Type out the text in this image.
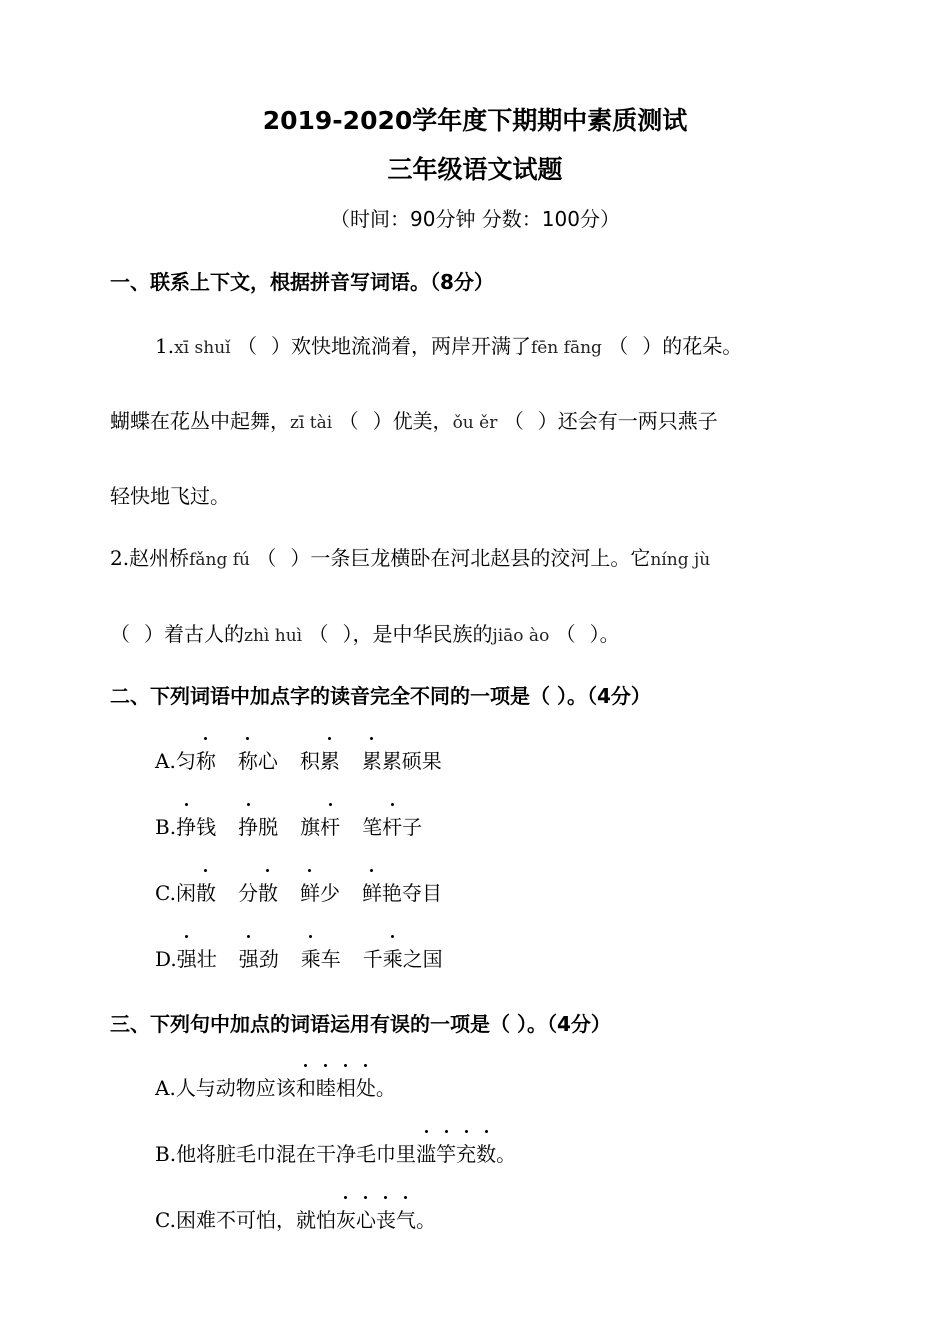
2019-2020学年度下期期中素质测试
三年级语文试题
（时间：90分钟 分数：100分）
一、联系上下文，根据拼音写词语。（8分）
1.xī shuǐ （ ）欢快地流淌着，两岸开满了fēn fāng （ ）的花朵。
蝴蝶在花丛中起舞，zī tài （ ）优美，ǒu ěr （ ）还会有一两只燕子
轻快地飞过。
2.赵州桥fǎng fú （ ）一条巨龙横卧在河北赵县的洨河上。它níng jù
（ ）着古人的zhì huì （ ），是中华民族的jiāo ào （ ）。
二、下列词语中加点字的读音完全不同的一项是（ ）。（4分）
A.匀称 称心 积累 累累硕果
B.挣钱 挣脱 旗杆 笔杆子
C.闲散 分散 鲜少 鲜艳夺目
D.强壮 强劲 乘车 千乘之国
三、下列句中加点的词语运用有误的一项是（ ）。（4分）
A.人与动物应该和睦相处。
B.他将脏毛巾混在干净毛巾里滥竽充数。
C.困难不可怕，就怕灰心丧气。
